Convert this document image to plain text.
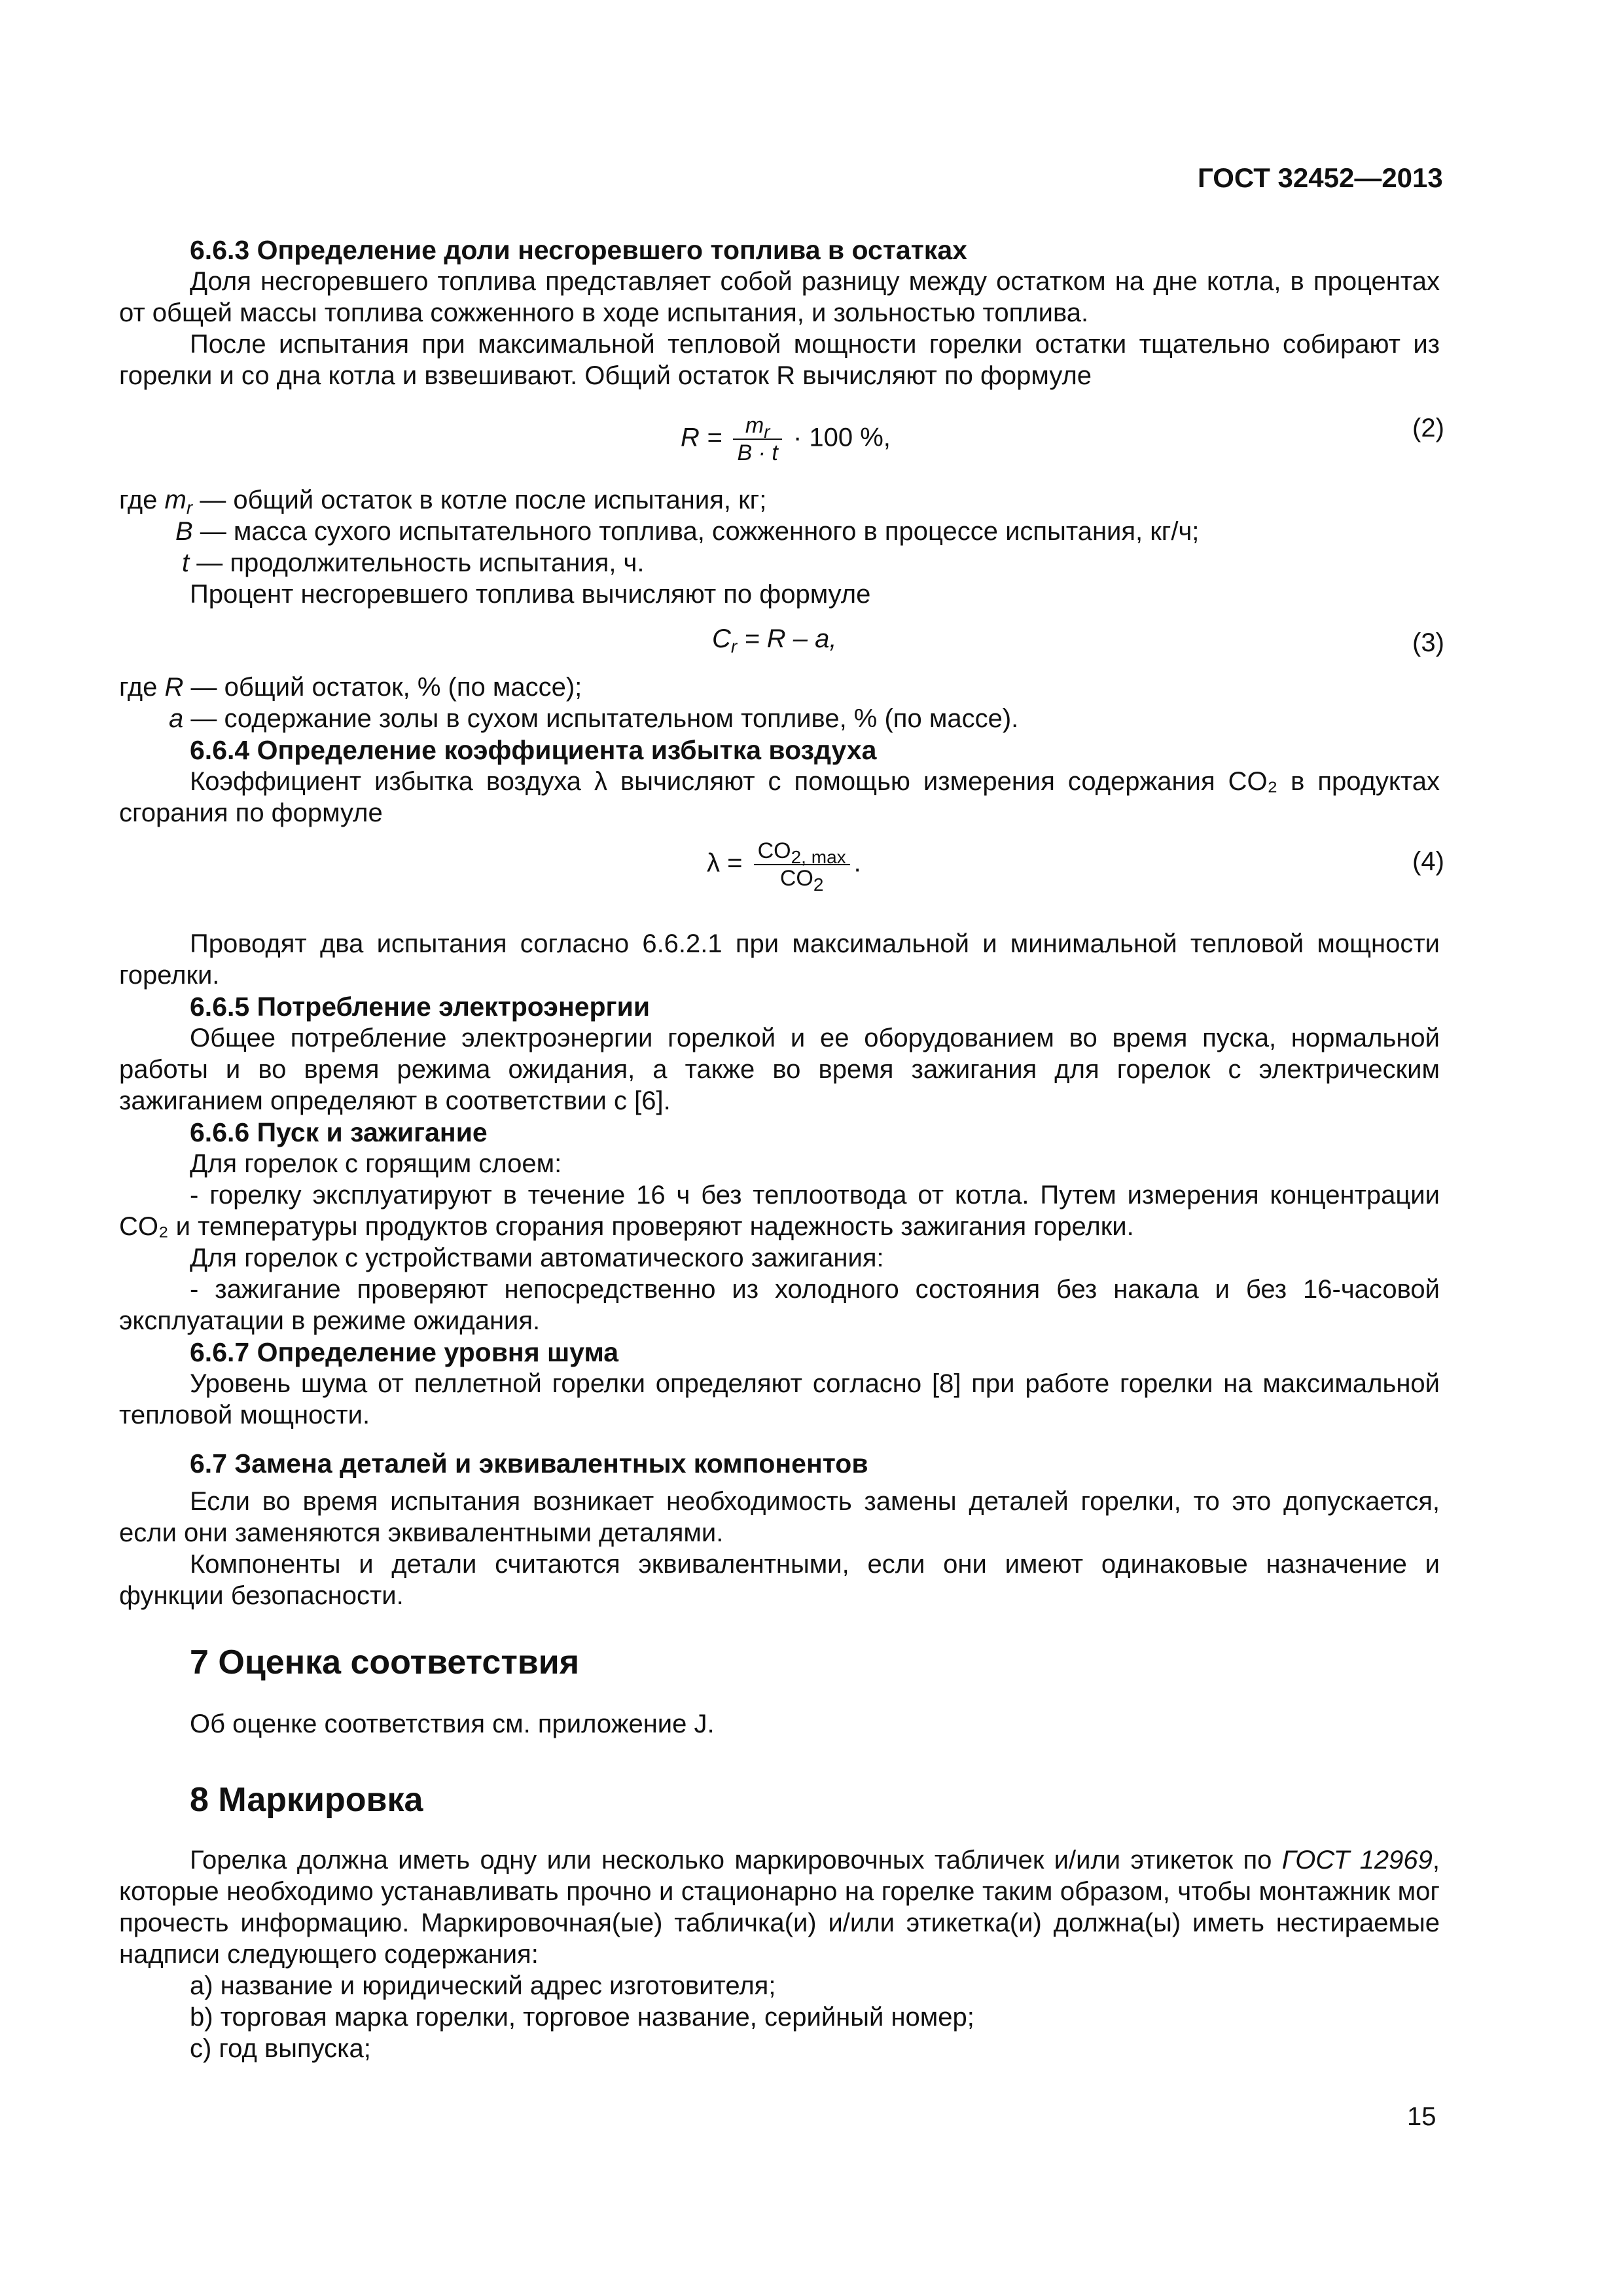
ГОСТ 32452—2013

6.6.3 Определение доли несгоревшего топлива в остатках

Доля несгоревшего топлива представляет собой разницу между остатком на дне котла, в процентах от общей массы топлива сожженного в ходе испытания, и зольностью топлива.

После испытания при максимальной тепловой мощности горелки остатки тщательно собирают из горелки и со дна котла и взвешивают. Общий остаток R вычисляют по формуле

$R = \frac{m_r}{B \cdot t} \cdot 100$ %,	(2)

где $m_r$ — общий остаток в котле после испытания, кг;

B — масса сухого испытательного топлива, сожженного в процессе испытания, кг/ч;

t — продолжительность испытания, ч.

Процент несгоревшего топлива вычисляют по формуле

$C_r = R - a$,	(3)

где R — общий остаток, % (по массе);

a — содержание золы в сухом испытательном топливе, % (по массе).

6.6.4 Определение коэффициента избытка воздуха

Коэффициент избытка воздуха λ вычисляют с помощью измерения содержания CO₂ в продуктах сгорания по формуле

$\lambda = \frac{CO_{2, max}}{CO_2}$ .	(4)

Проводят два испытания согласно 6.6.2.1 при максимальной и минимальной тепловой мощности горелки.

6.6.5 Потребление электроэнергии

Общее потребление электроэнергии горелкой и ее оборудованием во время пуска, нормальной работы и во время режима ожидания, а также во время зажигания для горелок с электрическим зажиганием определяют в соответствии с [6].

6.6.6 Пуск и зажигание

Для горелок с горящим слоем:

- горелку эксплуатируют в течение 16 ч без теплоотвода от котла. Путем измерения концентрации CO₂ и температуры продуктов сгорания проверяют надежность зажигания горелки.

Для горелок с устройствами автоматического зажигания:

- зажигание проверяют непосредственно из холодного состояния без накала и без 16-часовой эксплуатации в режиме ожидания.

6.6.7 Определение уровня шума

Уровень шума от пеллетной горелки определяют согласно [8] при работе горелки на максимальной тепловой мощности.

6.7 Замена деталей и эквивалентных компонентов

Если во время испытания возникает необходимость замены деталей горелки, то это допускается, если они заменяются эквивалентными деталями.

Компоненты и детали считаются эквивалентными, если они имеют одинаковые назначение и функции безопасности.

7 Оценка соответствия

Об оценке соответствия см. приложение J.

8 Маркировка

Горелка должна иметь одну или несколько маркировочных табличек и/или этикеток по ГОСТ 12969, которые необходимо устанавливать прочно и стационарно на горелке таким образом, чтобы монтажник мог прочесть информацию. Маркировочная(ые) табличка(и) и/или этикетка(и) должна(ы) иметь нестираемые надписи следующего содержания:

a) название и юридический адрес изготовителя;

b) торговая марка горелки, торговое название, серийный номер;

c) год выпуска;

15
